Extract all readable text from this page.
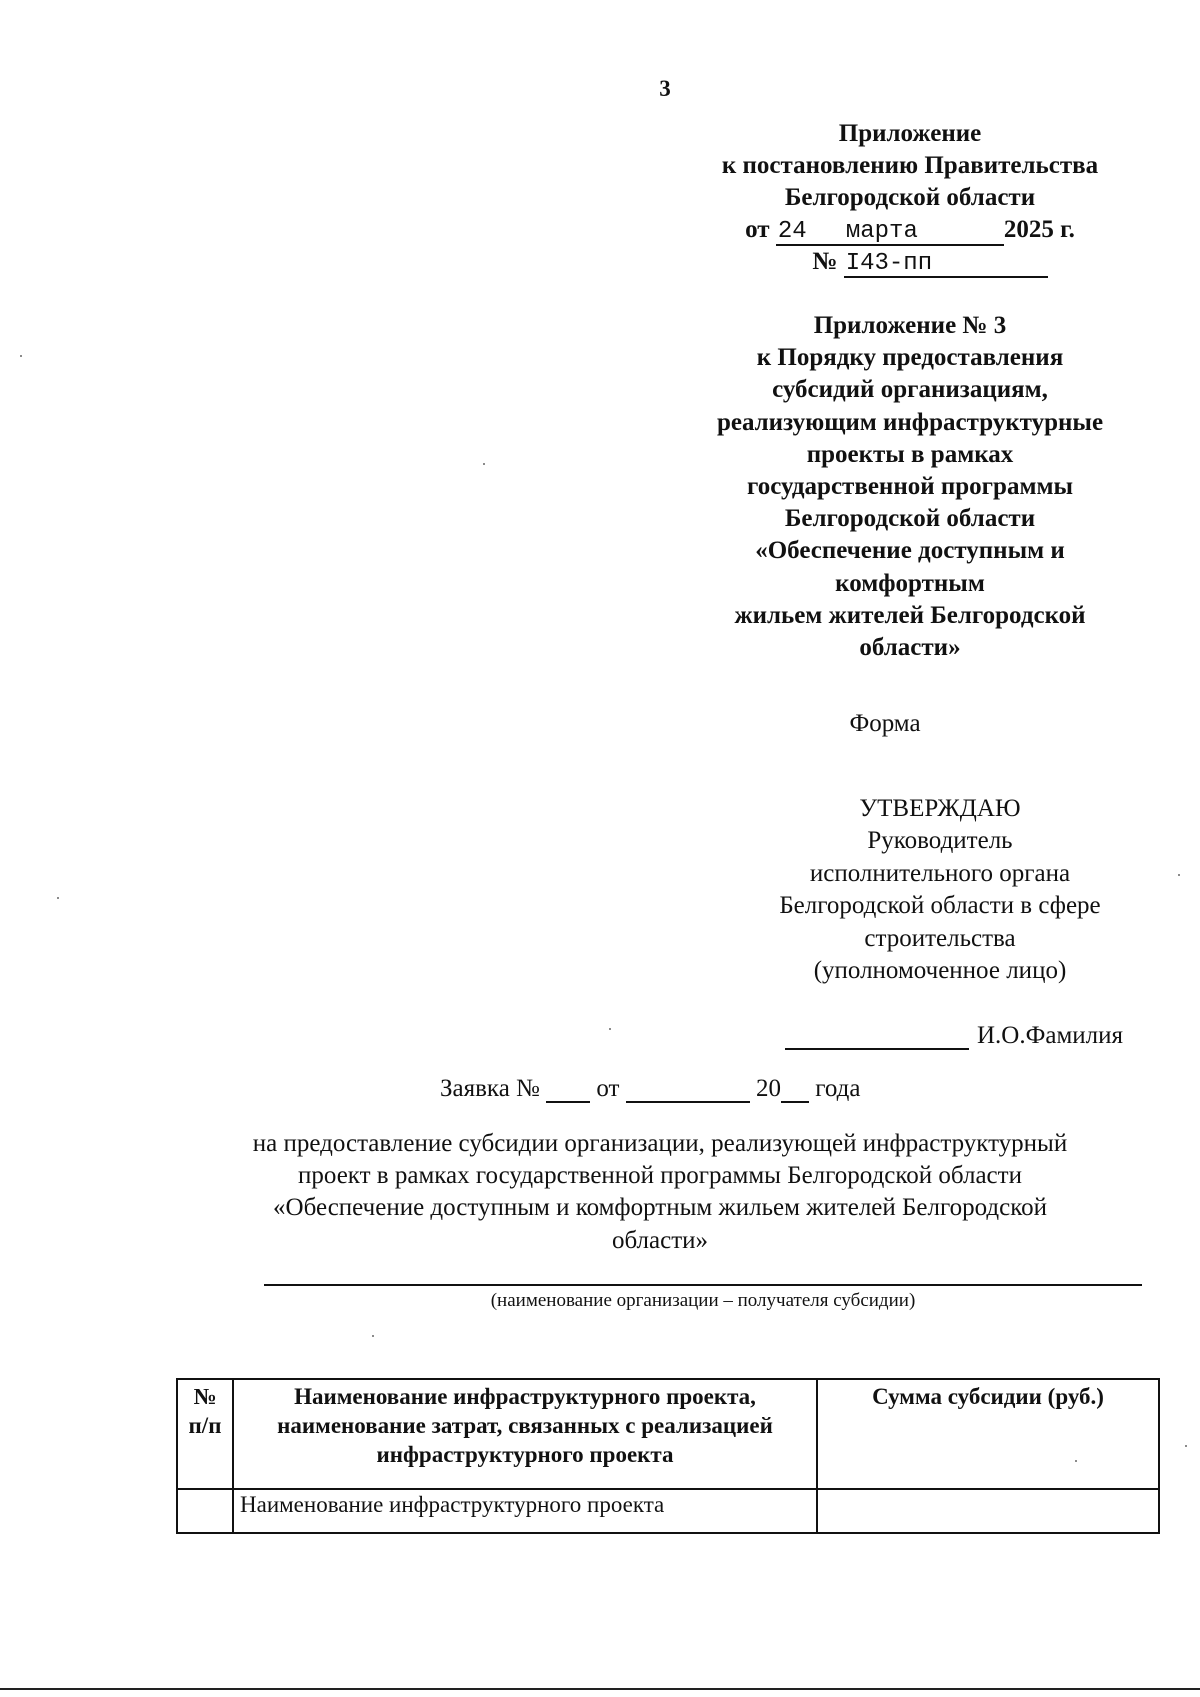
3
Приложение
к постановлению Правительства
Белгородской области
от 24 марта	2025 г.
№ I43-пп
Приложение № 3
к Порядку предоставления
субсидий организациям,
реализующим инфраструктурные
проекты в рамках
государственной программы
Белгородской области
«Обеспечение доступным и
комфортным
жильем жителей Белгородской
области»
Форма
УТВЕРЖДАЮ
Руководитель
исполнительного органа
Белгородской области в сфере
строительства
(уполномоченное лицо)
И.О.Фамилия
Заявка № от	20 года
на предоставление субсидии организации, реализующей инфраструктурный
проект в рамках государственной программы Белгородской области
«Обеспечение доступным и комфортным жильем жителей Белгородской
области»
(наименование организации – получателя субсидии)
№
п/п	Наименование инфраструктурного проекта, наименование затрат, связанных с реализацией инфраструктурного проекта	Сумма субсидии (руб.)
	Наименование инфраструктурного проекта	
